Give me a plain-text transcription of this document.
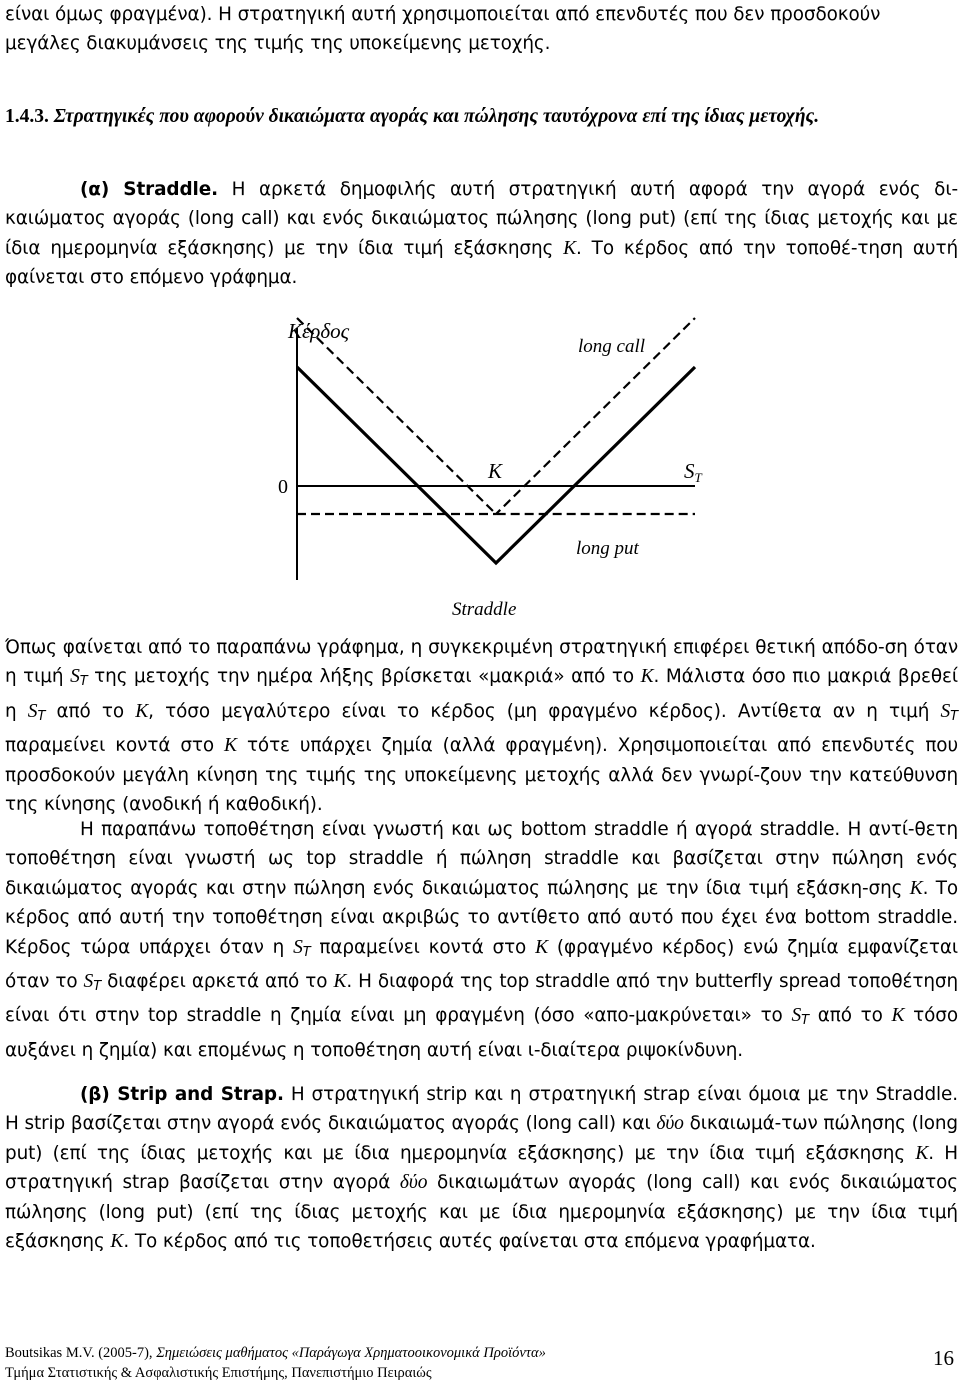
είναι όμως φραγμένα). Η στρατηγική αυτή χρησιμοποιείται από επενδυτές που δεν προσδοκούν
μεγάλες διακυμάνσεις της τιμής της υποκείμενης μετοχής.
1.4.3. Στρατηγικές που αφορούν δικαιώματα αγοράς και πώλησης ταυτόχρονα επί της ίδιας μετοχής.

(α) Straddle. Η αρκετά δημοφιλής αυτή στρατηγική αυτή αφορά την αγορά ενός δι-καιώματος αγοράς (long call) και ενός δικαιώματος πώλησης (long put) (επί της ίδιας μετοχής και με ίδια ημερομηνία εξάσκησης) με την ίδια τιμή εξάσκησης K. Το κέρδος από την τοποθέ-τηση αυτή φαίνεται στο επόμενο γράφημα.

Κέρδος
0
K	ST
long call
long put
Straddle

Όπως φαίνεται από το παραπάνω γράφημα, η συγκεκριμένη στρατηγική επιφέρει θετική απόδο-ση όταν η τιμή $S_T$ της μετοχής την ημέρα λήξης βρίσκεται «μακριά» από το K. Μάλιστα όσο πιο μακριά βρεθεί η $S_T$ από το K, τόσο μεγαλύτερο είναι το κέρδος (μη φραγμένο κέρδος). Αντίθετα αν η τιμή $S_T$ παραμείνει κοντά στο K τότε υπάρχει ζημία (αλλά φραγμένη). Χρησιμοποιείται από επενδυτές που προσδοκούν μεγάλη κίνηση της τιμής της υποκείμενης μετοχής αλλά δεν γνωρί-ζουν την κατεύθυνση της κίνησης (ανοδική ή καθοδική).

Η παραπάνω τοποθέτηση είναι γνωστή και ως bottom straddle ή αγορά straddle. Η αντί-θετη τοποθέτηση είναι γνωστή ως top straddle ή πώληση straddle και βασίζεται στην πώληση ενός δικαιώματος αγοράς και στην πώληση ενός δικαιώματος πώλησης με την ίδια τιμή εξάσκη-σης K. Το κέρδος από αυτή την τοποθέτηση είναι ακριβώς το αντίθετο από αυτό που έχει ένα bottom straddle. Κέρδος τώρα υπάρχει όταν η $S_T$ παραμείνει κοντά στο K (φραγμένο κέρδος) ενώ ζημία εμφανίζεται όταν το $S_T$ διαφέρει αρκετά από το K. Η διαφορά της top straddle από την butterfly spread τοποθέτηση είναι ότι στην top straddle η ζημία είναι μη φραγμένη (όσο «απο-μακρύνεται» το $S_T$ από το K τόσο αυξάνει η ζημία) και επομένως η τοποθέτηση αυτή είναι ι-διαίτερα ριψοκίνδυνη.

(β) Strip and Strap. Η στρατηγική strip και η στρατηγική strap είναι όμοια με την Straddle. Η strip βασίζεται στην αγορά ενός δικαιώματος αγοράς (long call) και δύο δικαιωμά-των πώλησης (long put) (επί της ίδιας μετοχής και με ίδια ημερομηνία εξάσκησης) με την ίδια τιμή εξάσκησης K. Η στρατηγική strap βασίζεται στην αγορά δύο δικαιωμάτων αγοράς (long call) και ενός δικαιώματος πώλησης (long put) (επί της ίδιας μετοχής και με ίδια ημερομηνία εξάσκησης) με την ίδια τιμή εξάσκησης K. Το κέρδος από τις τοποθετήσεις αυτές φαίνεται στα επόμενα γραφήματα.

Boutsikas M.V. (2005-7), Σημειώσεις μαθήματος «Παράγωγα Χρηματοοικονομικά Προϊόντα»
Τμήμα Στατιστικής & Ασφαλιστικής Επιστήμης, Πανεπιστήμιο Πειραιώς
16
